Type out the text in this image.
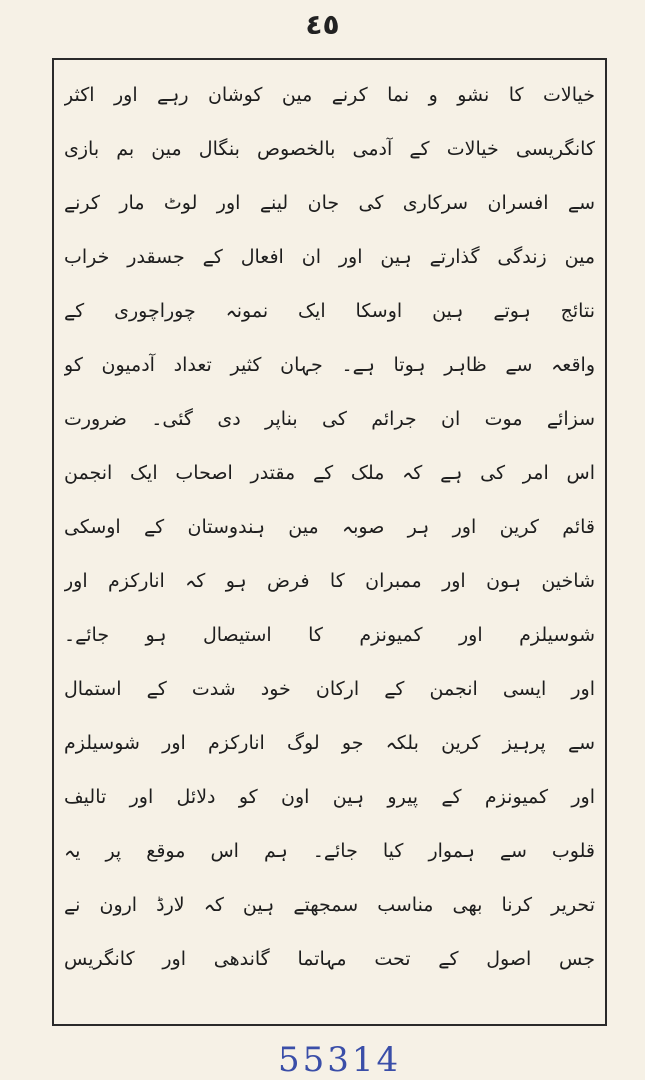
٤٥

خیالات کا نشو و نما کرنے مین کوشان رہے اور اکثر

کانگریسی خیالات کے آدمی بالخصوص بنگال مین بم بازی

سے افسران سرکاری کی جان لینے اور لوٹ مار کرنے

مین زندگی گذارتے ہین اور ان افعال کے جسقدر خراب

نتائج ہوتے ہین اوسکا ایک نمونہ چوراچوری کے

واقعہ سے ظاہر ہوتا ہے۔ جہان کثیر تعداد آدمیون کو

سزائے موت ان جرائم کی بناپر دی گئی۔ ضرورت

اس امر کی ہے کہ ملک کے مقتدر اصحاب ایک انجمن

قائم کرین اور ہر صوبہ مین ہندوستان کے اوسکی

شاخین ہون اور ممبران کا فرض ہو کہ انارکزم اور

شوسیلزم اور کمیونزم کا استیصال ہو جائے۔

اور ایسی انجمن کے ارکان خود شدت کے استمال

سے پرہیز کرین بلکہ جو لوگ انارکزم اور شوسیلزم

اور کمیونزم کے پیرو ہین اون کو دلائل اور تالیف

قلوب سے ہموار کیا جائے۔ ہم اس موقع پر یہ

تحریر کرنا بھی مناسب سمجھتے ہین کہ لارڈ ارون نے

جس اصول کے تحت مہاتما گاندھی اور کانگریس

55314
